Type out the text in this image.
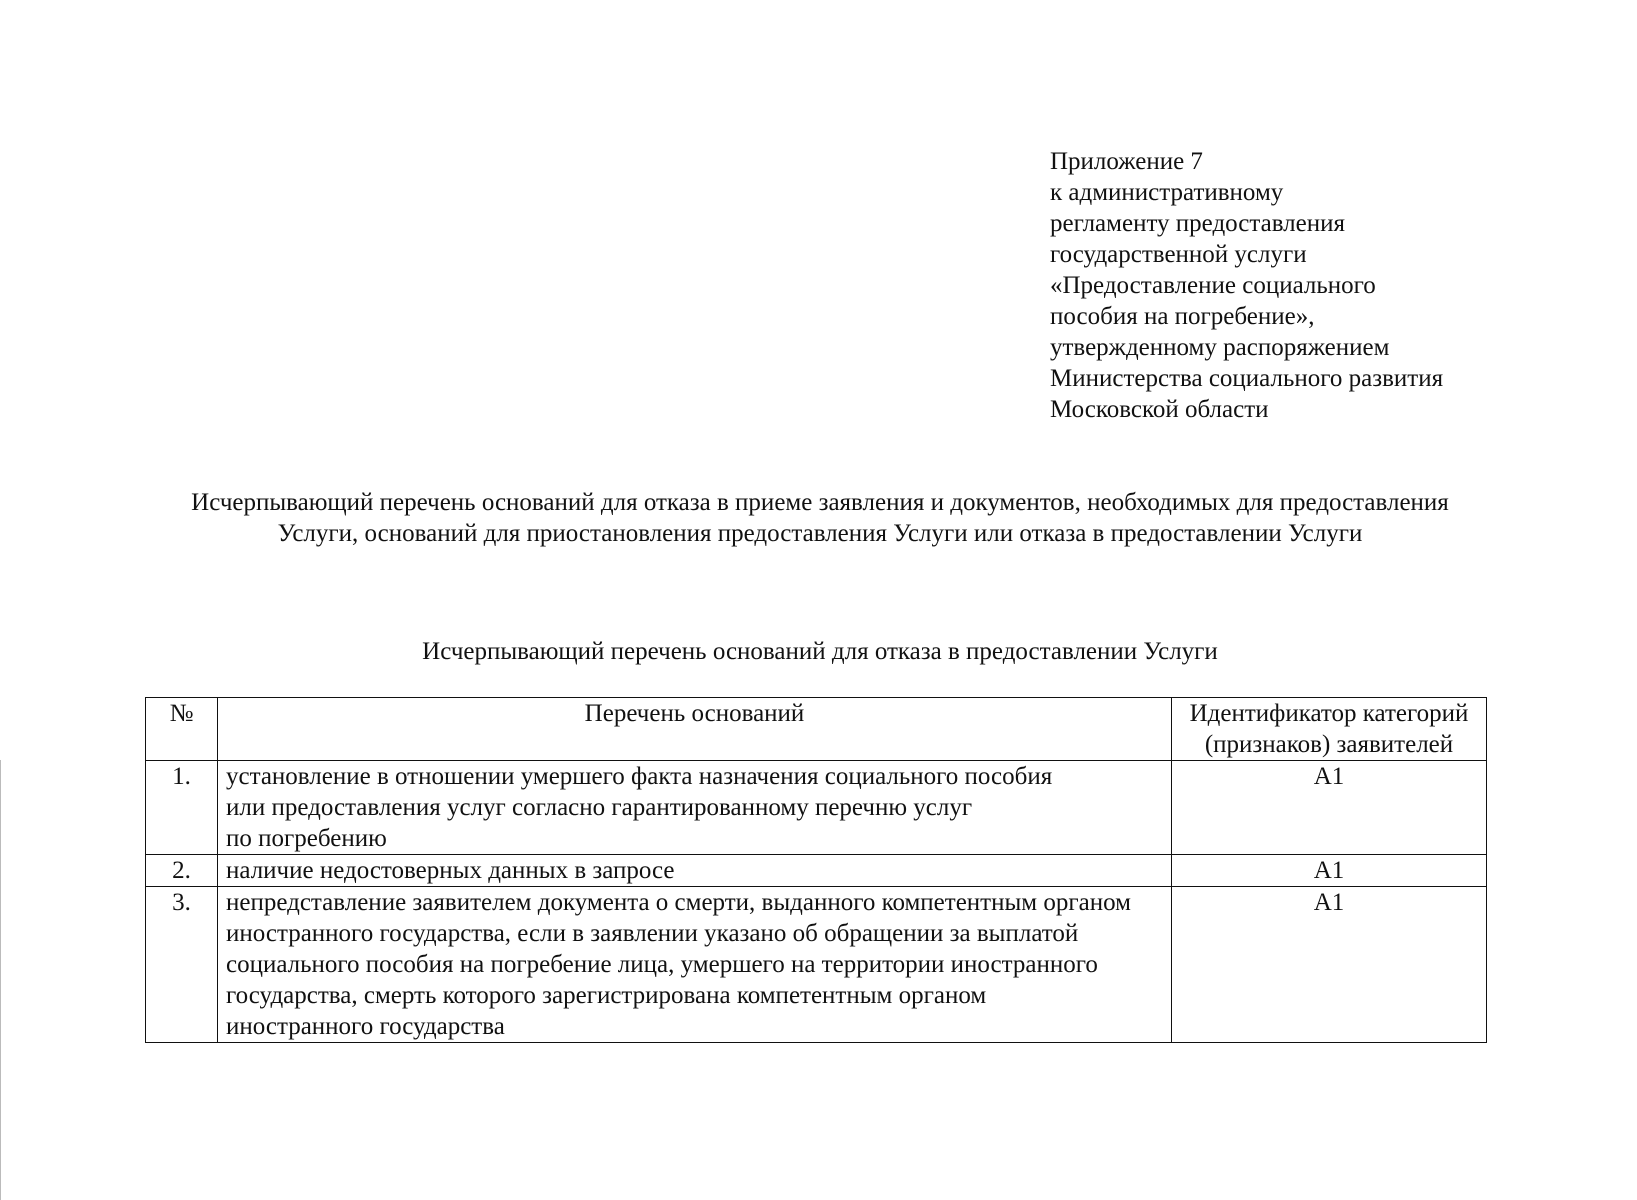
Приложение 7
к административному
регламенту предоставления
государственной услуги
«Предоставление социального
пособия на погребение»,
утвержденному распоряжением
Министерства социального развития
Московской области
Исчерпывающий перечень оснований для отказа в приеме заявления и документов, необходимых для предоставления
Услуги, оснований для приостановления предоставления Услуги или отказа в предоставлении Услуги
Исчерпывающий перечень оснований для отказа в предоставлении Услуги
№	Перечень оснований	Идентификатор категорий
(признаков) заявителей

1.	установление в отношении умершего факта назначения социального пособия
или предоставления услуг согласно гарантированному перечню услуг
по погребению	А1
2.	наличие недостоверных данных в запросе	А1
3.	непредставление заявителем документа о смерти, выданного компетентным органом
иностранного государства, если в заявлении указано об обращении за выплатой
социального пособия на погребение лица, умершего на территории иностранного
государства, смерть которого зарегистрирована компетентным органом
иностранного государства	А1
